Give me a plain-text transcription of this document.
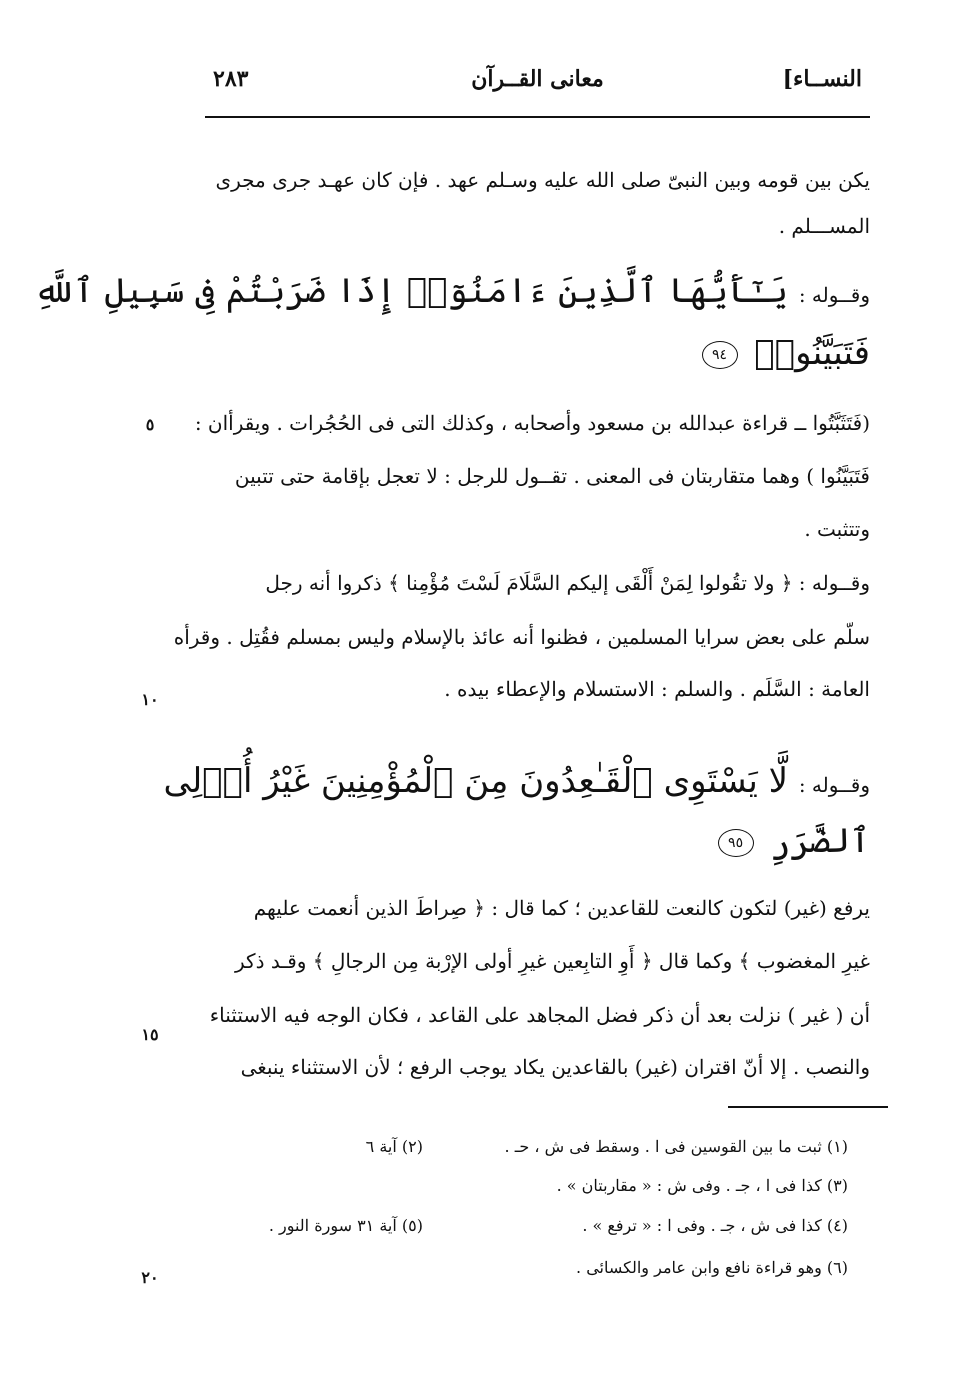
النســاء]
معانى القــرآن
٢٨٣
يكن بين قومه وبين النبىّ صلى الله عليه وسـلم عهد . فإن كان عهـد جرى مجرى
المســـلم .
وقــوله : يَـٰٓأَيُّهَا ٱلَّذِينَ ءَامَنُوٓا۟ إِذَا ضَرَبْتُمْ فِى سَبِيلِ ٱللَّهِ
فَتَبَيَّنُوا۟ ٩٤
(فَتَثَبَّتُوا ــ قراءة عبدالله بن مسعود وأصحابه ، وكذلك التى فى الحُجُرات . ويقرأان :
فَتَبَيَّنُوا ) وهما متقاربتان فى المعنى . تقــول للرجل : لا تعجل بإقامة حتى تتبين
وتتثبت .
وقــوله : ﴿ ولا تقُولوا لِمَنْ أَلْقَى إليكم السَّلَامَ لَسْتَ مُؤْمِنا ﴾ ذكروا أنه رجل
سلّم على بعض سرايا المسلمين ، فظنوا أنه عائذ بالإسلام وليس بمسلم فقُتِل . وقرأه
العامة : السَّلَم . والسلم : الاستسلام والإعطاء بيده .
وقــوله : لَّا يَسْتَوِى ٱلْقَـٰعِدُونَ مِنَ ٱلْمُؤْمِنِينَ غَيْرُ أُو۟لِى
ٱلضَّرَرِ ٩٥
يرفع (غير) لتكون كالنعت للقاعدين ؛ كما قال : ﴿ صِراطَ الذين أنعمت عليهم
غيرِ المغضوب ﴾ وكما قال ﴿ أَوِ التابِعين غيرِ أولى الإرْبة مِن الرجالِ ﴾ وقـد ذكر
أن ( غير ) نزلت بعد أن ذكر فضل المجاهد على القاعد ، فكان الوجه فيه الاستثناء
والنصب . إلا أنّ اقتران (غير) بالقاعدين يكاد يوجب الرفع ؛ لأن الاستثناء ينبغى
٥
١٠
١٥
٢٠
(١) ثبت ما بين القوسين فى ا . وسقط فى ش ، حـ .
(٢) آية ٦
(٣) كذا فى ا ، جـ . وفى ش : « مقاربتان » .
(٤) كذا فى ش ، جـ . وفى ا : « ترفع » .
(٥) آية ٣١ سورة النور .
(٦) وهو قراءة نافع وابن عامر والكسائى .
